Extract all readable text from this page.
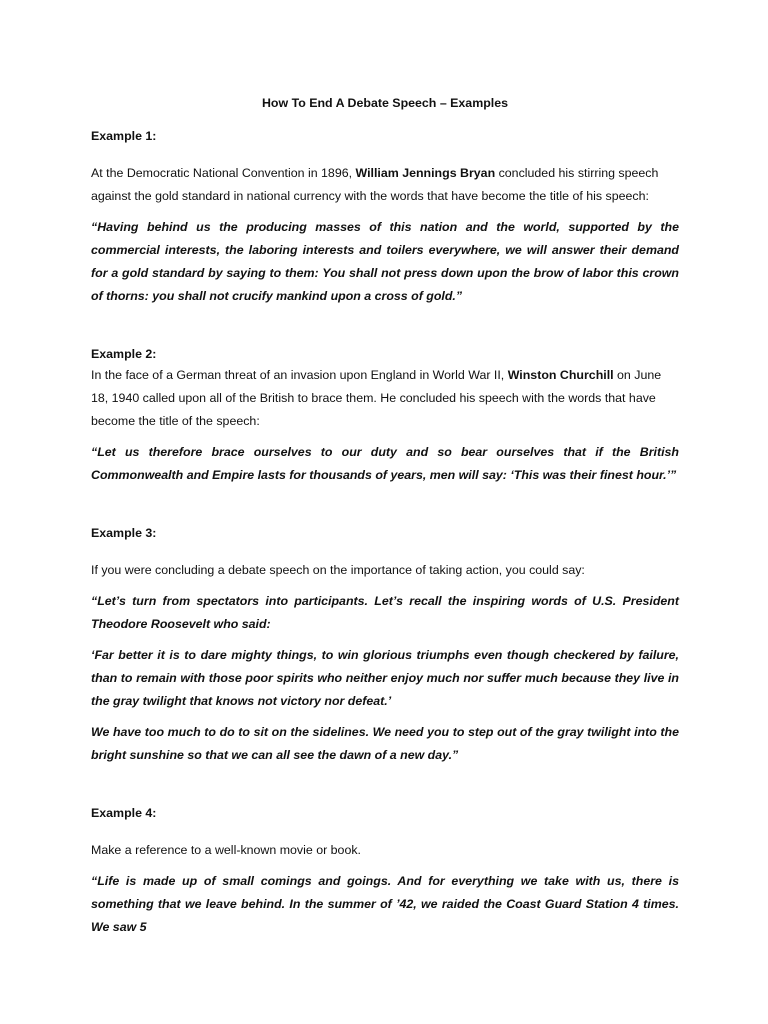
How To End A Debate Speech – Examples

Example 1:

At the Democratic National Convention in 1896, William Jennings Bryan concluded his stirring speech against the gold standard in national currency with the words that have become the title of his speech:

“Having behind us the producing masses of this nation and the world, supported by the commercial interests, the laboring interests and toilers everywhere, we will answer their demand for a gold standard by saying to them: You shall not press down upon the brow of labor this crown of thorns: you shall not crucify mankind upon a cross of gold.”

Example 2:

In the face of a German threat of an invasion upon England in World War II, Winston Churchill on June 18, 1940 called upon all of the British to brace them. He concluded his speech with the words that have become the title of the speech:

“Let us therefore brace ourselves to our duty and so bear ourselves that if the British Commonwealth and Empire lasts for thousands of years, men will say: ‘This was their finest hour.’”

Example 3:

If you were concluding a debate speech on the importance of taking action, you could say:

“Let’s turn from spectators into participants. Let’s recall the inspiring words of U.S. President Theodore Roosevelt who said:

‘Far better it is to dare mighty things, to win glorious triumphs even though checkered by failure, than to remain with those poor spirits who neither enjoy much nor suffer much because they live in the gray twilight that knows not victory nor defeat.’

We have too much to do to sit on the sidelines. We need you to step out of the gray twilight into the bright sunshine so that we can all see the dawn of a new day.”

Example 4:

Make a reference to a well-known movie or book.

“Life is made up of small comings and goings. And for everything we take with us, there is something that we leave behind. In the summer of ’42, we raided the Coast Guard Station 4 times. We saw 5
